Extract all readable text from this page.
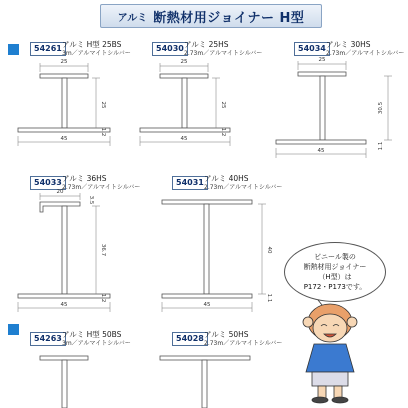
アルミ 断熱材用ジョイナー H型
54261 アルミ H型 25BS
3m／アルマイトシルバー
54030 アルミ 25HS
2.73m／アルマイトシルバー
54034 アルミ 30HS
2.73m／アルマイトシルバー
54033 アルミ 36HS
2.73m／アルマイトシルバー
54031 アルミ 40HS
2.73m／アルマイトシルバー
54263 アルミ H型 50BS
3m／アルマイトシルバー
54028 アルミ 50HS
2.73m／アルマイトシルバー
25
25
45
1.2
25
25
45
1.2
25
30.5
45
1.1
20
3.5
36.7
45
1.2
40
45
1.1
ビニール製の
断熱材用ジョイナー
（H型）は
P172・P173です。
